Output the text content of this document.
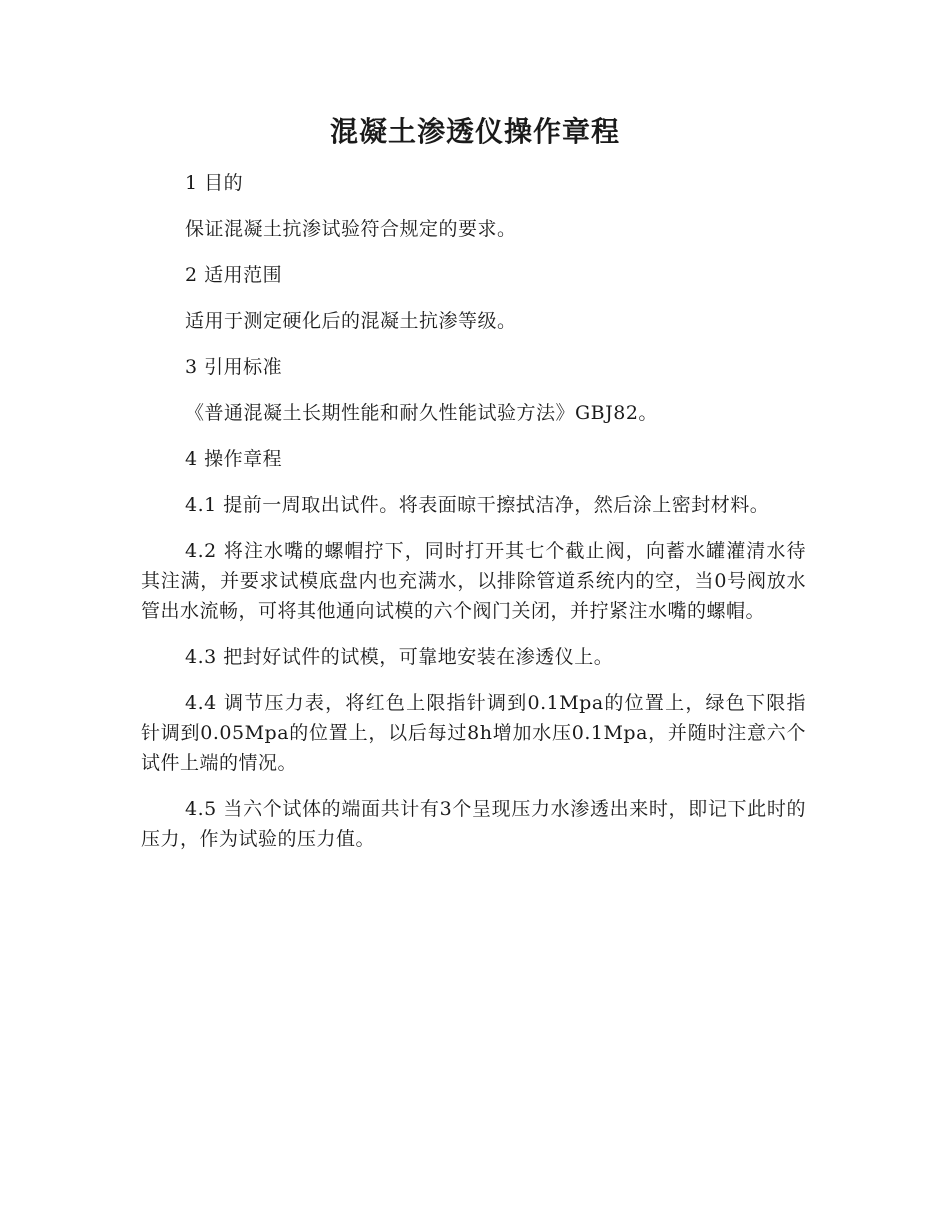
混凝土渗透仪操作章程

1 目的

保证混凝土抗渗试验符合规定的要求。

2 适用范围

适用于测定硬化后的混凝土抗渗等级。

3 引用标准

《普通混凝土长期性能和耐久性能试验方法》GBJ82。

4 操作章程

4.1 提前一周取出试件。将表面晾干擦拭洁净，然后涂上密封材料。

4.2 将注水嘴的螺帽拧下，同时打开其七个截止阀，向蓄水罐灌清水待其注满，并要求试模底盘内也充满水，以排除管道系统内的空，当0号阀放水管出水流畅，可将其他通向试模的六个阀门关闭，并拧紧注水嘴的螺帽。

4.3 把封好试件的试模，可靠地安装在渗透仪上。

4.4 调节压力表，将红色上限指针调到0.1Mpa的位置上，绿色下限指针调到0.05Mpa的位置上，以后每过8h增加水压0.1Mpa，并随时注意六个试件上端的情况。

4.5 当六个试体的端面共计有3个呈现压力水渗透出来时，即记下此时的压力，作为试验的压力值。
